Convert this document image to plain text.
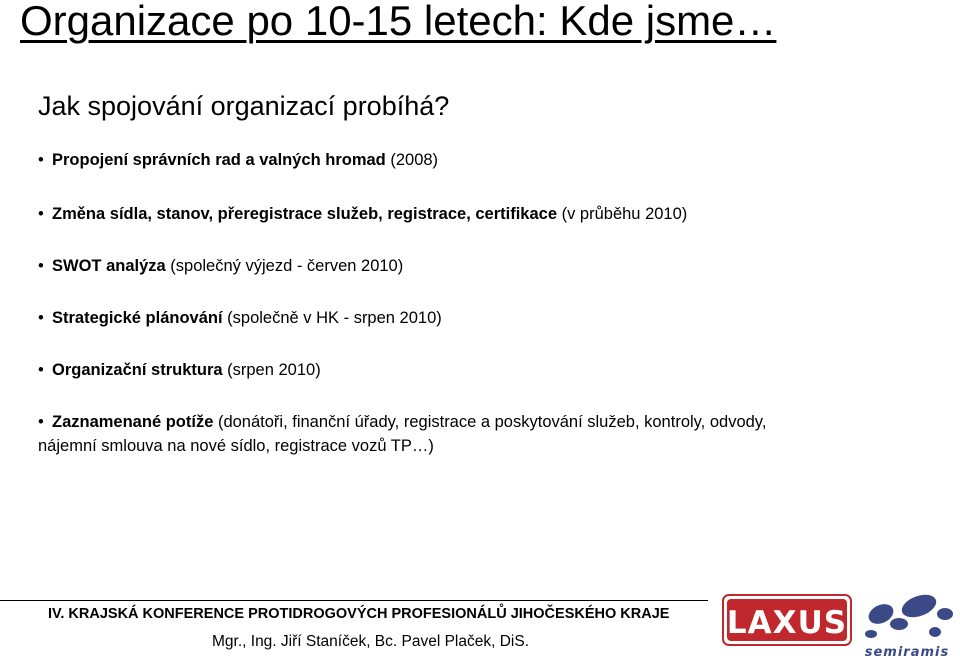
Organizace po 10-15 letech: Kde jsme…
Jak spojování organizací probíhá?
• Propojení správních rad a valných hromad (2008)
• Změna sídla, stanov, přeregistrace služeb, registrace, certifikace (v průběhu 2010)
• SWOT analýza (společný výjezd - červen 2010)
• Strategické plánování (společně v HK - srpen 2010)
• Organizační struktura (srpen 2010)
• Zaznamenané potíže (donátoři, finanční úřady, registrace a poskytování služeb, kontroly, odvody,
nájemní smlouva na nové sídlo, registrace vozů TP…)
IV. KRAJSKÁ KONFERENCE PROTIDROGOVÝCH PROFESIONÁLŮ JIHOČESKÉHO KRAJE
Mgr., Ing. Jiří Staníček, Bc. Pavel Plaček, DiS.
LAXUS
semiramis
